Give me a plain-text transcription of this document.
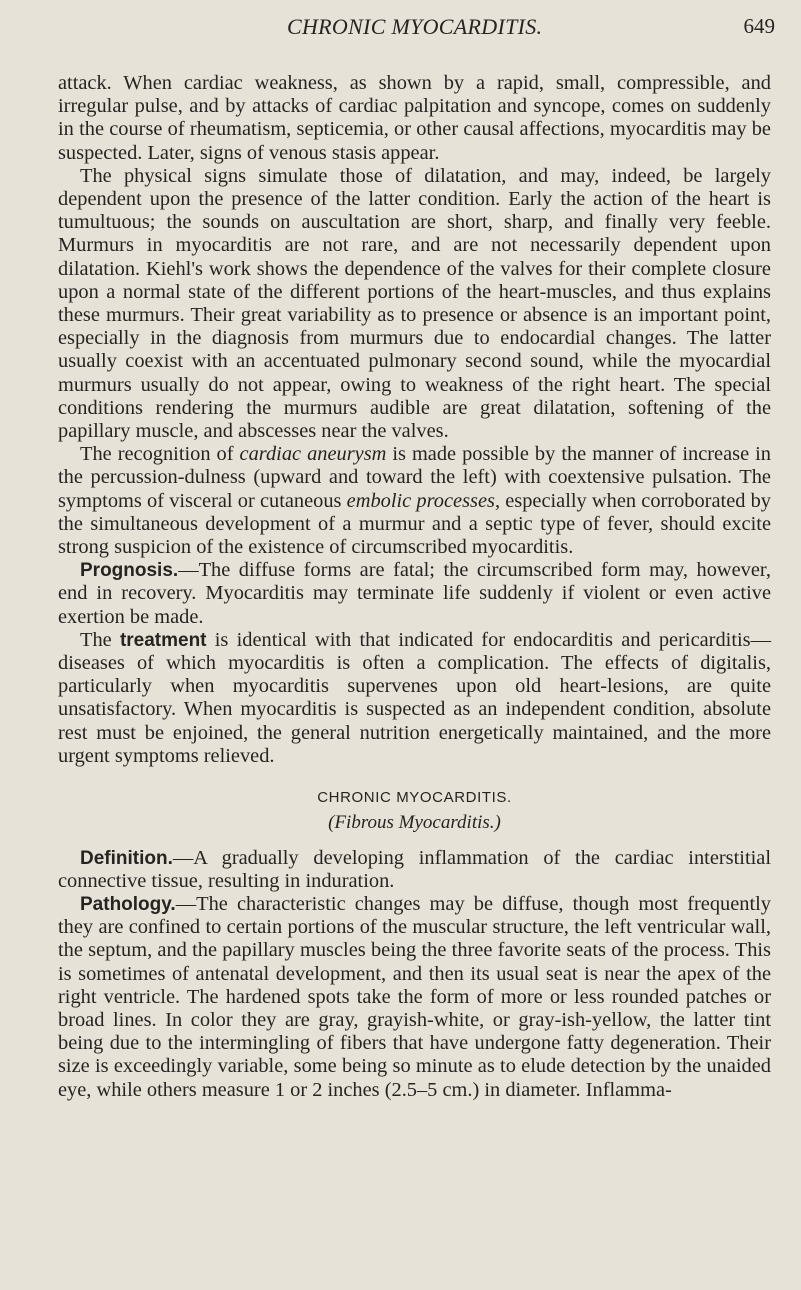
CHRONIC MYOCARDITIS.	649

attack. When cardiac weakness, as shown by a rapid, small, compressible, and irregular pulse, and by attacks of cardiac palpitation and syncope, comes on suddenly in the course of rheumatism, septicemia, or other causal affections, myocarditis may be suspected. Later, signs of venous stasis appear.

The physical signs simulate those of dilatation, and may, indeed, be largely dependent upon the presence of the latter condition. Early the action of the heart is tumultuous; the sounds on auscultation are short, sharp, and finally very feeble. Murmurs in myocarditis are not rare, and are not necessarily dependent upon dilatation. Kiehl's work shows the dependence of the valves for their complete closure upon a normal state of the different portions of the heart-muscles, and thus explains these murmurs. Their great variability as to presence or absence is an important point, especially in the diagnosis from murmurs due to endocardial changes. The latter usually coexist with an accentuated pulmonary second sound, while the myocardial murmurs usually do not appear, owing to weakness of the right heart. The special conditions rendering the murmurs audible are great dilatation, softening of the papillary muscle, and abscesses near the valves.

The recognition of cardiac aneurysm is made possible by the manner of increase in the percussion-dulness (upward and toward the left) with coextensive pulsation. The symptoms of visceral or cutaneous embolic processes, especially when corroborated by the simultaneous development of a murmur and a septic type of fever, should excite strong suspicion of the existence of circumscribed myocarditis.

Prognosis.—The diffuse forms are fatal; the circumscribed form may, however, end in recovery. Myocarditis may terminate life suddenly if violent or even active exertion be made.

The treatment is identical with that indicated for endocarditis and pericarditis—diseases of which myocarditis is often a complication. The effects of digitalis, particularly when myocarditis supervenes upon old heart-lesions, are quite unsatisfactory. When myocarditis is suspected as an independent condition, absolute rest must be enjoined, the general nutrition energetically maintained, and the more urgent symptoms relieved.

CHRONIC MYOCARDITIS.
(Fibrous Myocarditis.)

Definition.—A gradually developing inflammation of the cardiac interstitial connective tissue, resulting in induration.

Pathology.—The characteristic changes may be diffuse, though most frequently they are confined to certain portions of the muscular structure, the left ventricular wall, the septum, and the papillary muscles being the three favorite seats of the process. This is sometimes of antenatal development, and then its usual seat is near the apex of the right ventricle. The hardened spots take the form of more or less rounded patches or broad lines. In color they are gray, grayish-white, or gray-ish-yellow, the latter tint being due to the intermingling of fibers that have undergone fatty degeneration. Their size is exceedingly variable, some being so minute as to elude detection by the unaided eye, while others measure 1 or 2 inches (2.5–5 cm.) in diameter. Inflamma-
